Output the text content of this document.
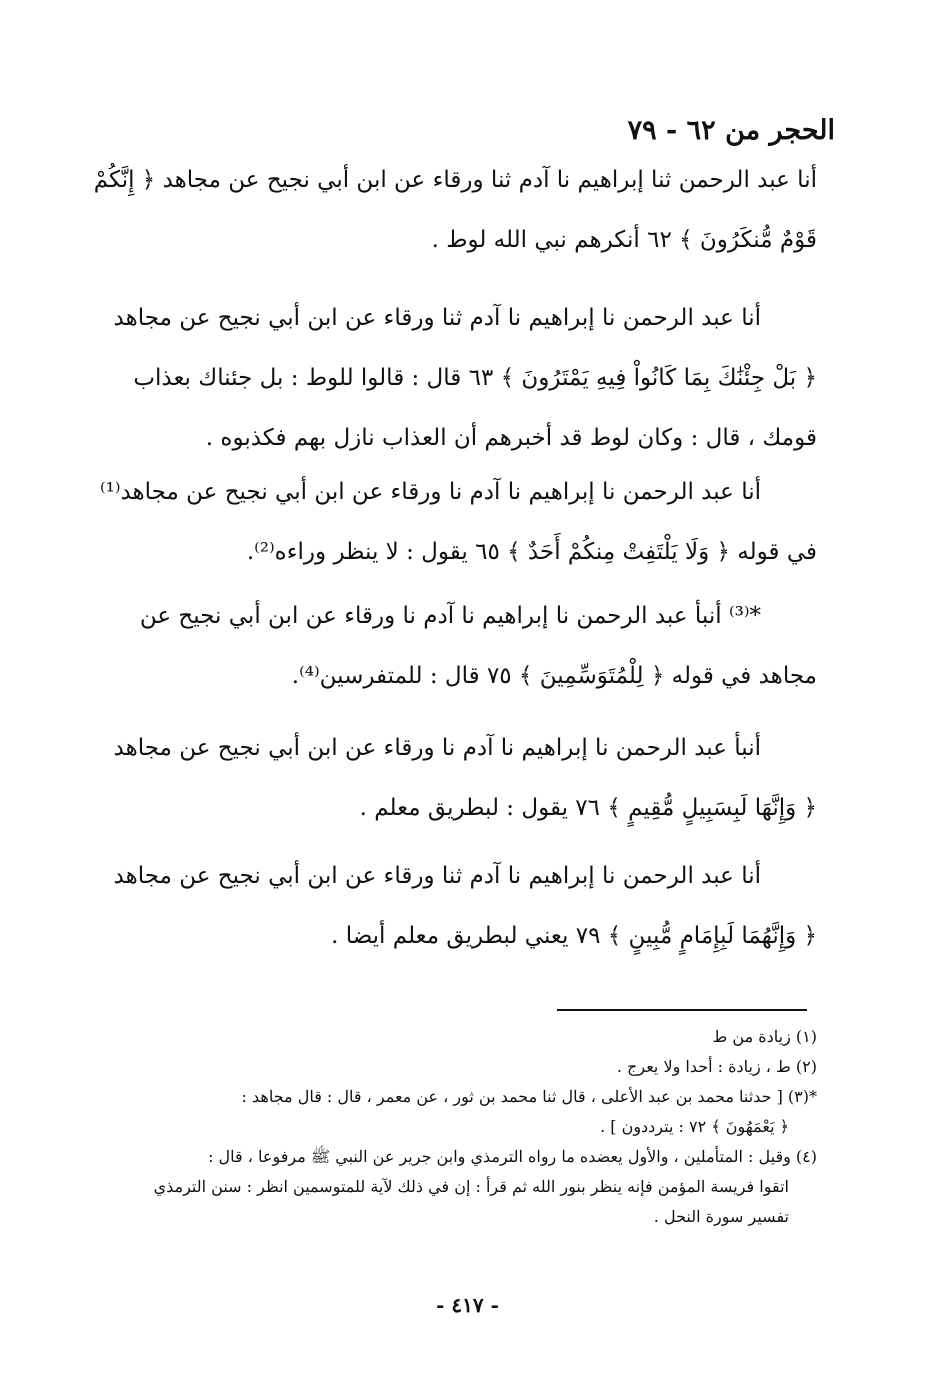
الحجر من ٦٢ - ٧٩
أنا عبد الرحمن ثنا إبراهيم نا آدم ثنا ورقاء عن ابن أبي نجيح عن مجاهد ﴿ إِنَّكُمْ
قَوْمٌ مُّنكَرُونَ ﴾ ٦٢ أنكرهم نبي الله لوط .
أنا عبد الرحمن نا إبراهيم نا آدم ثنا ورقاء عن ابن أبي نجيح عن مجاهد
﴿ بَلْ جِئْنَٰكَ بِمَا كَانُواْ فِيهِ يَمْتَرُونَ ﴾ ٦٣ قال : قالوا للوط : بل جئناك بعذاب
قومك ، قال : وكان لوط قد أخبرهم أن العذاب نازل بهم فكذبوه .
أنا عبد الرحمن نا إبراهيم نا آدم نا ورقاء عن ابن أبي نجيح عن مجاهد⁽¹⁾
في قوله ﴿ وَلَا يَلْتَفِتْ مِنكُمْ أَحَدٌ ﴾ ٦٥ يقول : لا ينظر وراءه⁽²⁾.
*⁽³⁾ أنبأ عبد الرحمن نا إبراهيم نا آدم نا ورقاء عن ابن أبي نجيح عن
مجاهد في قوله ﴿ لِلْمُتَوَسِّمِينَ ﴾ ٧٥ قال : للمتفرسين⁽⁴⁾.
أنبأ عبد الرحمن نا إبراهيم نا آدم نا ورقاء عن ابن أبي نجيح عن مجاهد
﴿ وَإِنَّهَا لَبِسَبِيلٍ مُّقِيمٍ ﴾ ٧٦ يقول : لبطريق معلم .
أنا عبد الرحمن نا إبراهيم نا آدم ثنا ورقاء عن ابن أبي نجيح عن مجاهد
﴿ وَإِنَّهُمَا لَبِإِمَامٍ مُّبِينٍ ﴾ ٧٩ يعني لبطريق معلم أيضا .
(١) زيادة من ط
(٢) ط ، زيادة : أحدا ولا يعرج .
*(٣) [ حدثنا محمد بن عبد الأعلى ، قال ثنا محمد بن ثور ، عن معمر ، قال : قال مجاهد :
﴿ يَعْمَهُونَ ﴾ ٧٢ : يترددون ] .
(٤) وقيل : المتأملين ، والأول يعضده ما رواه الترمذي وابن جرير عن النبي ﷺ مرفوعا ، قال :
اتقوا فريسة المؤمن فإنه ينظر بنور الله ثم قرأ : إن في ذلك لآية للمتوسمين انظر : سنن الترمذي
تفسير سورة النحل .
- ٤١٧ -
